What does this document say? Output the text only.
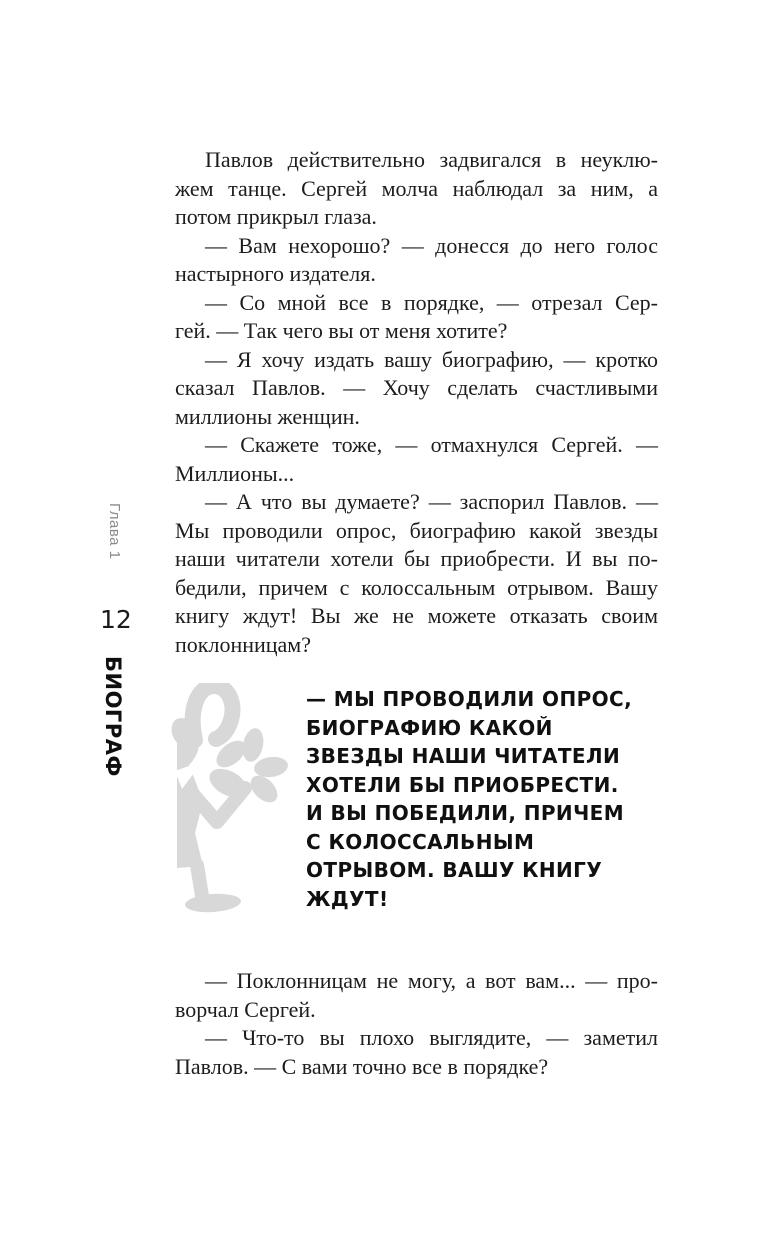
Глава 1
12
БИОГРАФ
Павлов действительно задвигался в неуклю-
жем танце. Сергей молча наблюдал за ним, а
потом прикрыл глаза.
— Вам нехорошо? — донесся до него голос
настырного издателя.
— Со мной все в порядке, — отрезал Сер-
гей. — Так чего вы от меня хотите?
— Я хочу издать вашу биографию, — кротко
сказал Павлов. — Хочу сделать счастливыми
миллионы женщин.
— Скажете тоже, — отмахнулся Сергей. —
Миллионы...
— А что вы думаете? — заспорил Павлов. —
Мы проводили опрос, биографию какой звезды
наши читатели хотели бы приобрести. И вы по-
бедили, причем с колоссальным отрывом. Вашу
книгу ждут! Вы же не можете отказать своим
поклонницам?
— МЫ ПРОВОДИЛИ ОПРОС,
БИОГРАФИЮ КАКОЙ
ЗВЕЗДЫ НАШИ ЧИТАТЕЛИ
ХОТЕЛИ БЫ ПРИОБРЕСТИ.
И ВЫ ПОБЕДИЛИ, ПРИЧЕМ
С КОЛОССАЛЬНЫМ
ОТРЫВОМ. ВАШУ КНИГУ
ЖДУТ!
— Поклонницам не могу, а вот вам... — про-
ворчал Сергей.
— Что-то вы плохо выглядите, — заметил
Павлов. — С вами точно все в порядке?
